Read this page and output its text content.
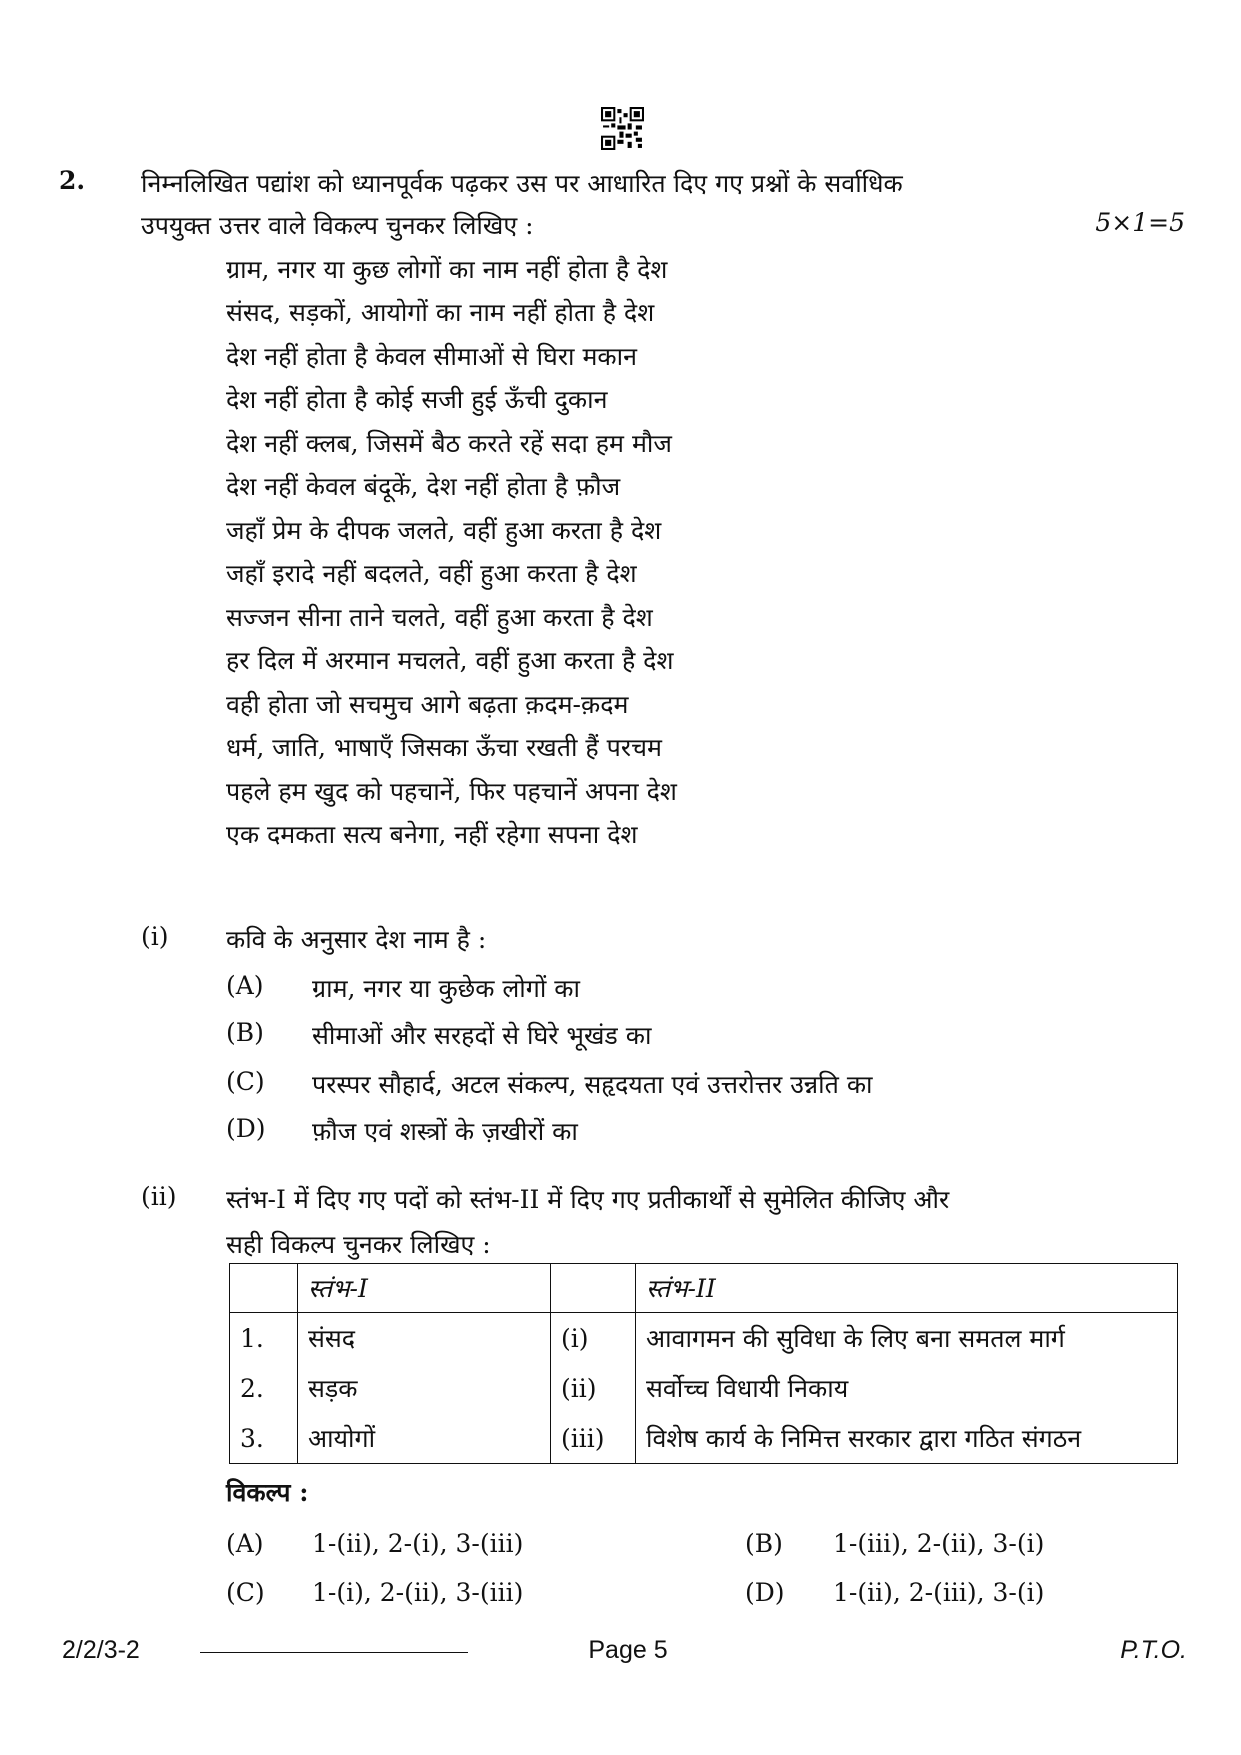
2. निम्नलिखित पद्यांश को ध्यानपूर्वक पढ़कर उस पर आधारित दिए गए प्रश्नों के सर्वाधिक
उपयुक्त उत्तर वाले विकल्प चुनकर लिखिए :	5×1=5
ग्राम, नगर या कुछ लोगों का नाम नहीं होता है देश
संसद, सड़कों, आयोगों का नाम नहीं होता है देश
देश नहीं होता है केवल सीमाओं से घिरा मकान
देश नहीं होता है कोई सजी हुई ऊँची दुकान
देश नहीं क्लब, जिसमें बैठ करते रहें सदा हम मौज
देश नहीं केवल बंदूकें, देश नहीं होता है फ़ौज
जहाँ प्रेम के दीपक जलते, वहीं हुआ करता है देश
जहाँ इरादे नहीं बदलते, वहीं हुआ करता है देश
सज्जन सीना ताने चलते, वहीं हुआ करता है देश
हर दिल में अरमान मचलते, वहीं हुआ करता है देश
वही होता जो सचमुच आगे बढ़ता क़दम-क़दम
धर्म, जाति, भाषाएँ जिसका ऊँचा रखती हैं परचम
पहले हम खुद को पहचानें, फिर पहचानें अपना देश
एक दमकता सत्य बनेगा, नहीं रहेगा सपना देश
(i) कवि के अनुसार देश नाम है :
(A) ग्राम, नगर या कुछेक लोगों का
(B) सीमाओं और सरहदों से घिरे भूखंड का
(C) परस्पर सौहार्द, अटल संकल्प, सहृदयता एवं उत्तरोत्तर उन्नति का
(D) फ़ौज एवं शस्त्रों के ज़खीरों का
(ii) स्तंभ-I में दिए गए पदों को स्तंभ-II में दिए गए प्रतीकार्थों से सुमेलित कीजिए और
सही विकल्प चुनकर लिखिए :
	स्तंभ-I		स्तंभ-II
1.	संसद	(i)	आवागमन की सुविधा के लिए बना समतल मार्ग
2.	सड़क	(ii)	सर्वोच्च विधायी निकाय
3.	आयोगों	(iii)	विशेष कार्य के निमित्त सरकार द्वारा गठित संगठन
विकल्प :
(A) 1-(ii), 2-(i), 3-(iii)	(B) 1-(iii), 2-(ii), 3-(i)
(C) 1-(i), 2-(ii), 3-(iii)	(D) 1-(ii), 2-(iii), 3-(i)
2/2/3-2	Page 5	P.T.O.
